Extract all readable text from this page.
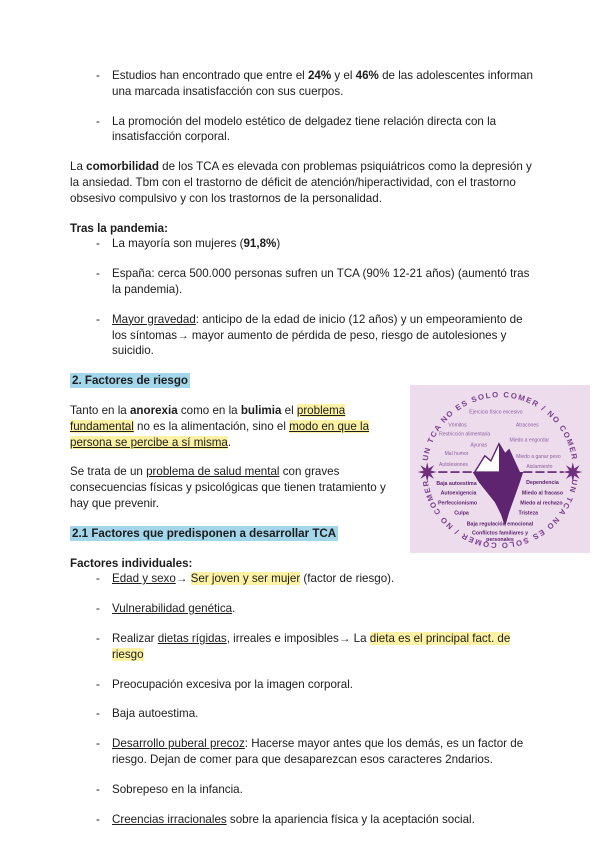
-	Estudios han encontrado que entre el 24% y el 46% de las adolescentes informan una marcada insatisfacción con sus cuerpos.
-	La promoción del modelo estético de delgadez tiene relación directa con la insatisfacción corporal.

La comorbilidad de los TCA es elevada con problemas psiquiátricos como la depresión y la ansiedad. Tbm con el trastorno de déficit de atención/hiperactividad, con el trastorno obsesivo compulsivo y con los trastornos de la personalidad.

Tras la pandemia:

-	La mayoría son mujeres (91,8%)
-	España: cerca 500.000 personas sufren un TCA (90% 12-21 años) (aumentó tras la pandemia).
-	Mayor gravedad: anticipo de la edad de inicio (12 años) y un empeoramiento de los síntomas→ mayor aumento de pérdida de peso, riesgo de autolesiones y suicidio.
UN TCA NO ES SOLO COMER / NO COMER
UN TCA NO ES SOLO COMER / NO COMER
Ejercicio físico excesivo
Vómitos	Atracones
Restricción alimentaria
Miedo a engordar
Ayunas
Mal humor
Miedo a ganar peso
Autolesiones	Aislamiento
Baja autoestima	Dependencia
Autoexigencia	Miedo al fracaso
Perfeccionismo	Miedo al rechazo
Culpa	Tristeza
Baja regulación emocional
Conflictos familiares y
personales
2. Factores de riesgo

Tanto en la anorexia como en la bulimia el problema fundamental no es la alimentación, sino el modo en que la persona se percibe a sí misma.

Se trata de un problema de salud mental con graves consecuencias físicas y psicológicas que tienen tratamiento y hay que prevenir.

2.1 Factores que predisponen a desarrollar TCA

Factores individuales:

-	Edad y sexo→ Ser joven y ser mujer (factor de riesgo).
-	Vulnerabilidad genética.
-	Realizar dietas rígidas, irreales e imposibles→ La dieta es el principal fact. de riesgo
-	Preocupación excesiva por la imagen corporal.
-	Baja autoestima.
-	Desarrollo puberal precoz: Hacerse mayor antes que los demás, es un factor de riesgo. Dejan de comer para que desaparezcan esos caracteres 2ndarios.
-	Sobrepeso en la infancia.
-	Creencias irracionales sobre la apariencia física y la aceptación social.
